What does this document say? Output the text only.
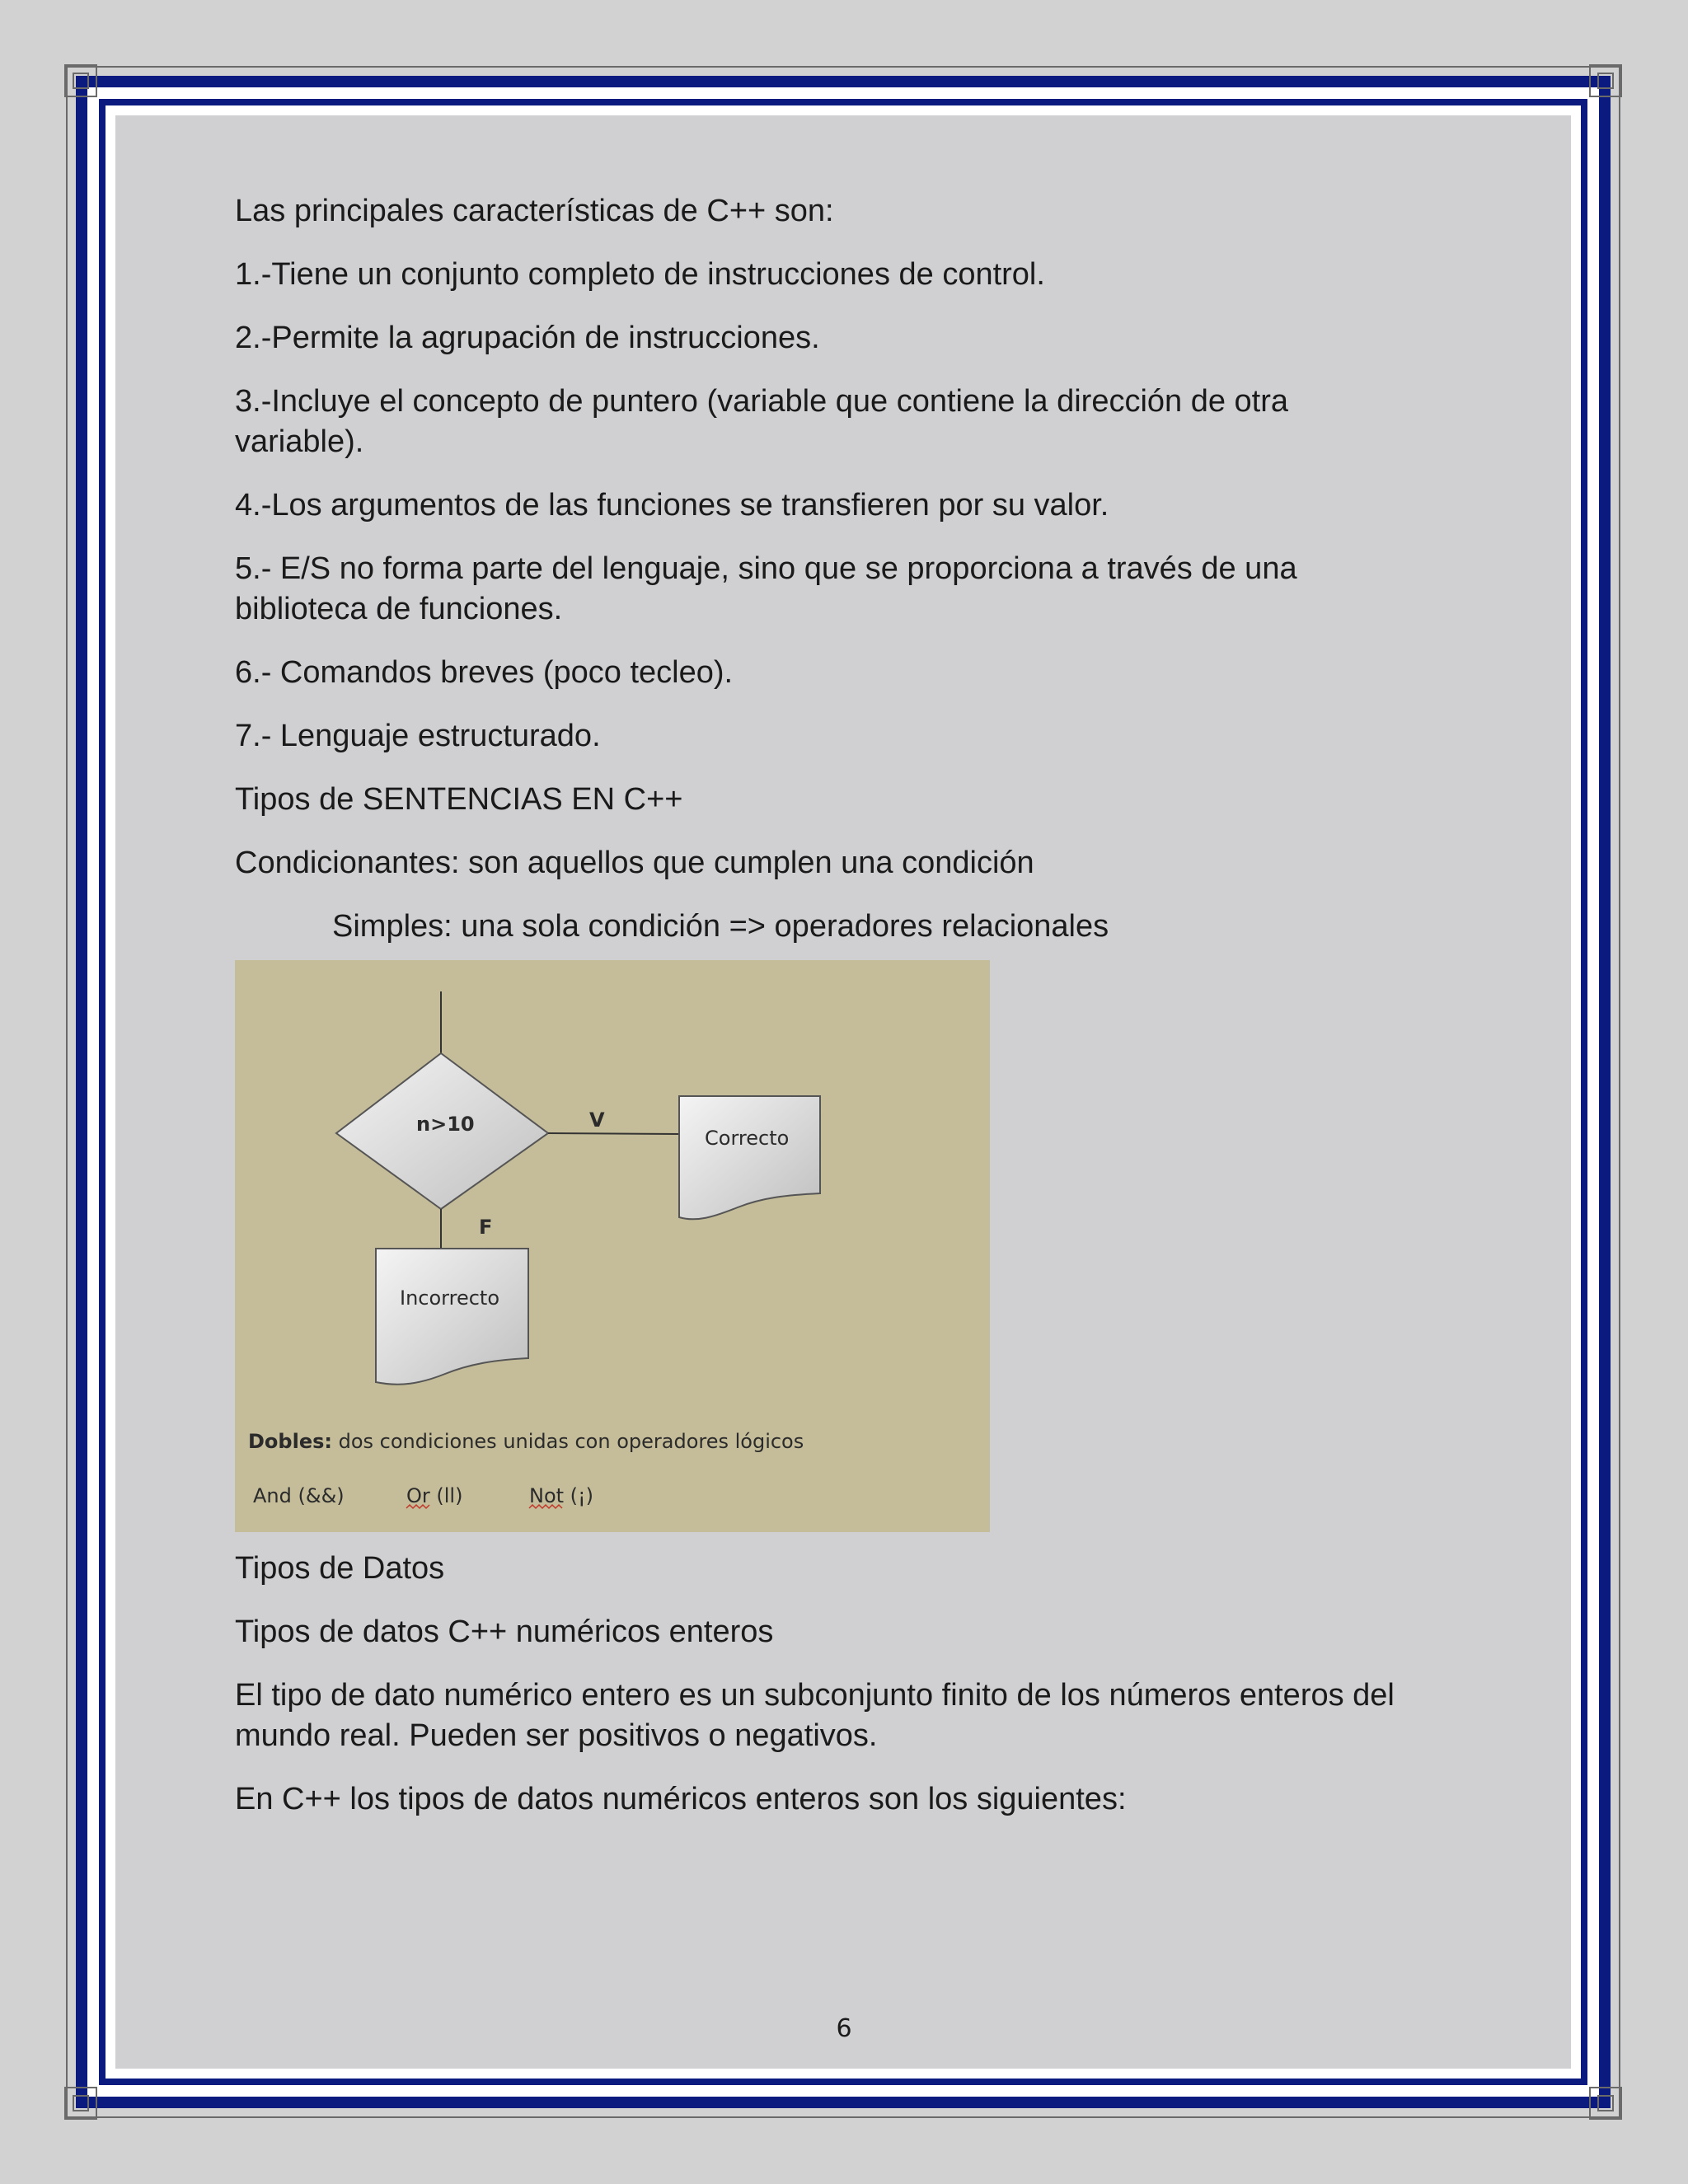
Las principales características de C++ son:

1.-Tiene un conjunto completo de instrucciones de control.

2.-Permite la agrupación de instrucciones.

3.-Incluye el concepto de puntero (variable que contiene la dirección de otra variable).

4.-Los argumentos de las funciones se transfieren por su valor.

5.- E/S no forma parte del lenguaje, sino que se proporciona a través de una biblioteca de funciones.

6.- Comandos breves (poco tecleo).

7.- Lenguaje estructurado.

Tipos de SENTENCIAS EN C++

Condicionantes: son aquellos que cumplen una condición

Simples: una sola condición => operadores relacionales

n>10	V
F
Correcto
Incorrecto
Dobles: dos condiciones unidas con operadores lógicos
And (&&)	Or (ll)	Not (¡)

Tipos de Datos

Tipos de datos C++ numéricos enteros

El tipo de dato numérico entero es un subconjunto finito de los números enteros del mundo real. Pueden ser positivos o negativos.

En C++ los tipos de datos numéricos enteros son los siguientes:

6
